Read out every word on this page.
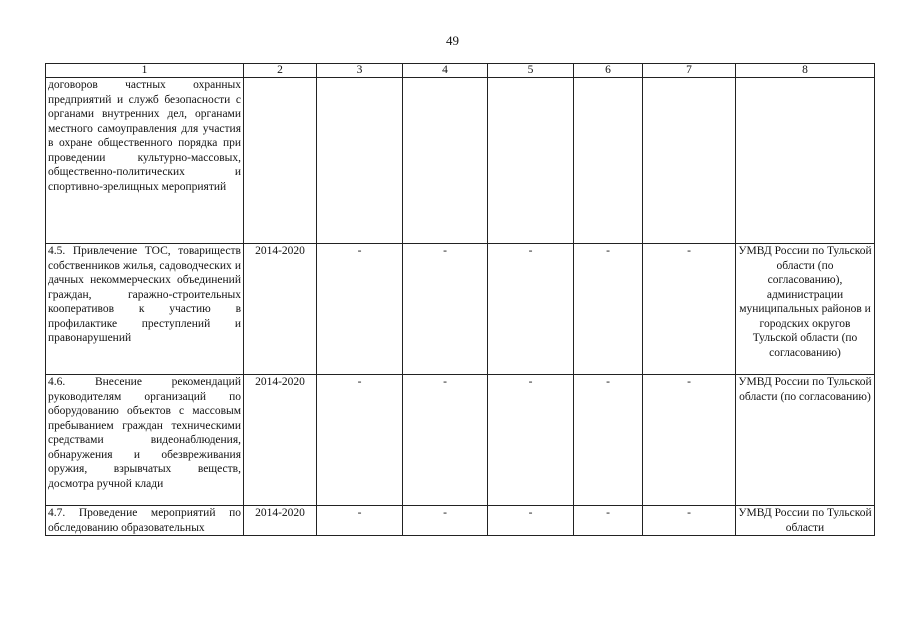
49
1	2	3	4	5	6	7	8
договоров частных охранных предприятий и служб безопасности с органами внутренних дел, органами местного самоуправления для участия в охране общественного порядка при проведении культурно-массовых, общественно-политических и спортивно-зрелищных мероприятий							
4.5. Привлечение ТОС, товариществ собственников жилья, садоводческих и дачных некоммерческих объединений граждан, гаражно-строительных кооперативов к участию в профилактике преступлений и правонарушений	2014-2020	-	-	-	-	-	УМВД России по Тульской области (по согласованию), администрации муниципальных районов и городских округов Тульской области (по согласованию)
4.6. Внесение рекомендаций руководителям организаций по оборудованию объектов с массовым пребыванием граждан техническими средствами видеонаблюдения, обнаружения и обезвреживания оружия, взрывчатых веществ, досмотра ручной клади	2014-2020	-	-	-	-	-	УМВД России по Тульской области (по согласованию)
4.7. Проведение мероприятий по обследованию образовательных	2014-2020	-	-	-	-	-	УМВД России по Тульской области
